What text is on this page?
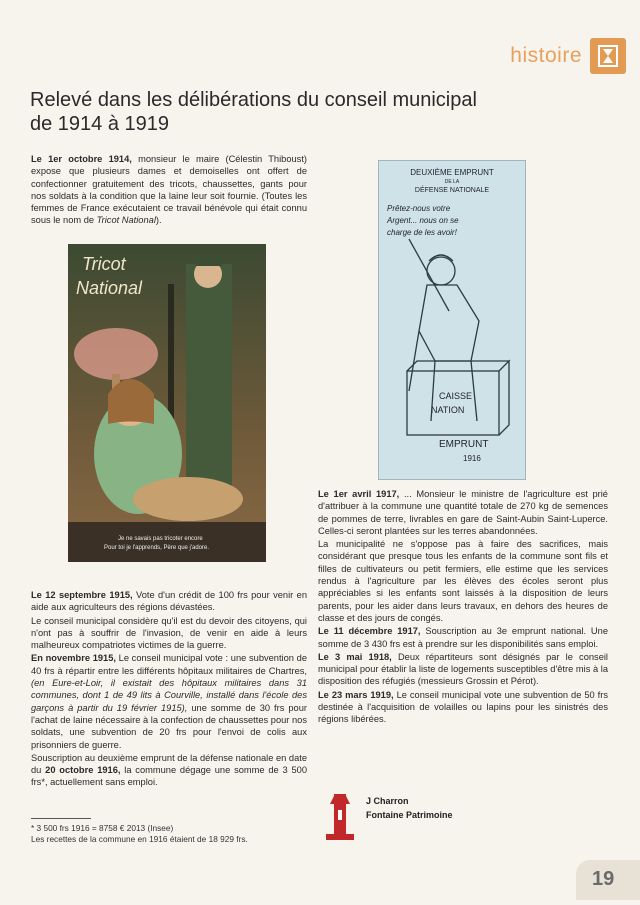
histoire
Relevé dans les délibérations du conseil municipal
de 1914 à 1919

Le 1er octobre 1914, monsieur le maire (Célestin Thiboust) expose que plusieurs dames et demoiselles ont offert de confectionner gratuitement des tricots, chaussettes, gants pour nos soldats à la condition que la laine leur soit fournie. (Toutes les femmes de France exécutaient ce travail bénévole qui était connu sous le nom de Tricot National).

Tricot
National
Je ne savais pas tricoter encore
Pour toi je l'apprends, Père que j'adore.
DEUXIÈME EMPRUNT
DE LA
DÉFENSE NATIONALE
Prêtez-nous votre
Argent... nous on se
charge de les avoir!
CAISSE
NATION
EMPRUNT
1916

Le 12 septembre 1915, Vote d'un crédit de 100 frs pour venir en aide aux agriculteurs des régions dévastées.

Le conseil municipal considère qu'il est du devoir des citoyens, qui n'ont pas à souffrir de l'invasion, de venir en aide à leurs malheureux compatriotes victimes de la guerre.

En novembre 1915, Le conseil municipal vote : une subvention de 40 frs à répartir entre les différents hôpitaux militaires de Chartres, (en Eure-et-Loir, il existait des hôpitaux militaires dans 31 communes, dont 1 de 49 lits à Courville, installé dans l'école des garçons à partir du 19 février 1915), une somme de 30 frs pour l'achat de laine nécessaire à la confection de chaussettes pour nos soldats, une subvention de 20 frs pour l'envoi de colis aux prisonniers de guerre.

Souscription au deuxième emprunt de la défense nationale en date du 20 octobre 1916, la commune dégage une somme de 3 500 frs*, actuellement sans emploi.

* 3 500 frs 1916 = 8758 € 2013 (Insee)
Les recettes de la commune en 1916 étaient de 18 929 frs.

Le 1er avril 1917, ... Monsieur le ministre de l'agriculture est prié d'attribuer à la commune une quantité totale de 270 kg de semences de pommes de terre, livrables en gare de Saint-Aubin Saint-Luperce. Celles-ci seront plantées sur les terres abandonnées.

La municipalité ne s'oppose pas à faire des sacrifices, mais considérant que presque tous les enfants de la commune sont fils et filles de cultivateurs ou petit fermiers, elle estime que les services rendus à l'agriculture par les élèves des écoles seront plus appréciables si les enfants sont laissés à la disposition de leurs parents, pour les aider dans leurs travaux, en dehors des heures de classe et des jours de congés.

Le 11 décembre 1917, Souscription au 3e emprunt national. Une somme de 3 430 frs est à prendre sur les disponibilités sans emploi.

Le 3 mai 1918, Deux répartiteurs sont désignés par le conseil municipal pour établir la liste de logements susceptibles d'être mis à la disposition des réfugiés (messieurs Grossin et Pérot).

Le 23 mars 1919, Le conseil municipal vote une subvention de 50 frs destinée à l'acquisition de volailles ou lapins pour les sinistrés des régions libérées.

J Charron
Fontaine Patrimoine
19
